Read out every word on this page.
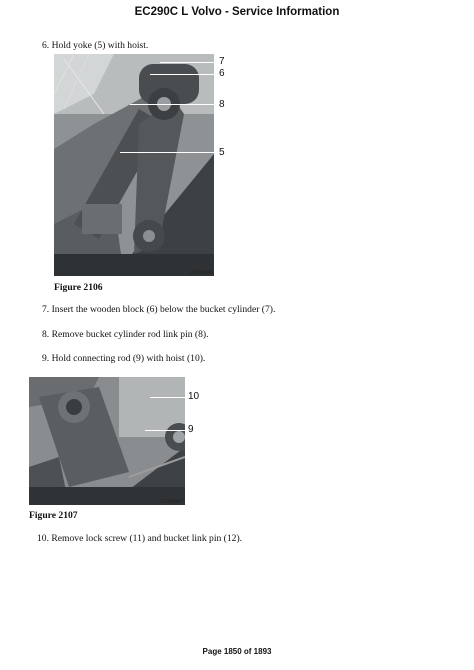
EC290C L Volvo - Service Information
6. Hold yoke (5) with hoist.
7
6
8
5
V1045946
Figure 2106
7. Insert the wooden block (6) below the bucket cylinder (7).
8. Remove bucket cylinder rod link pin (8).
9. Hold connecting rod (9) with hoist (10).
10
9
V1045947
Figure 2107
10. Remove lock screw (11) and bucket link pin (12).
Page 1850 of 1893
